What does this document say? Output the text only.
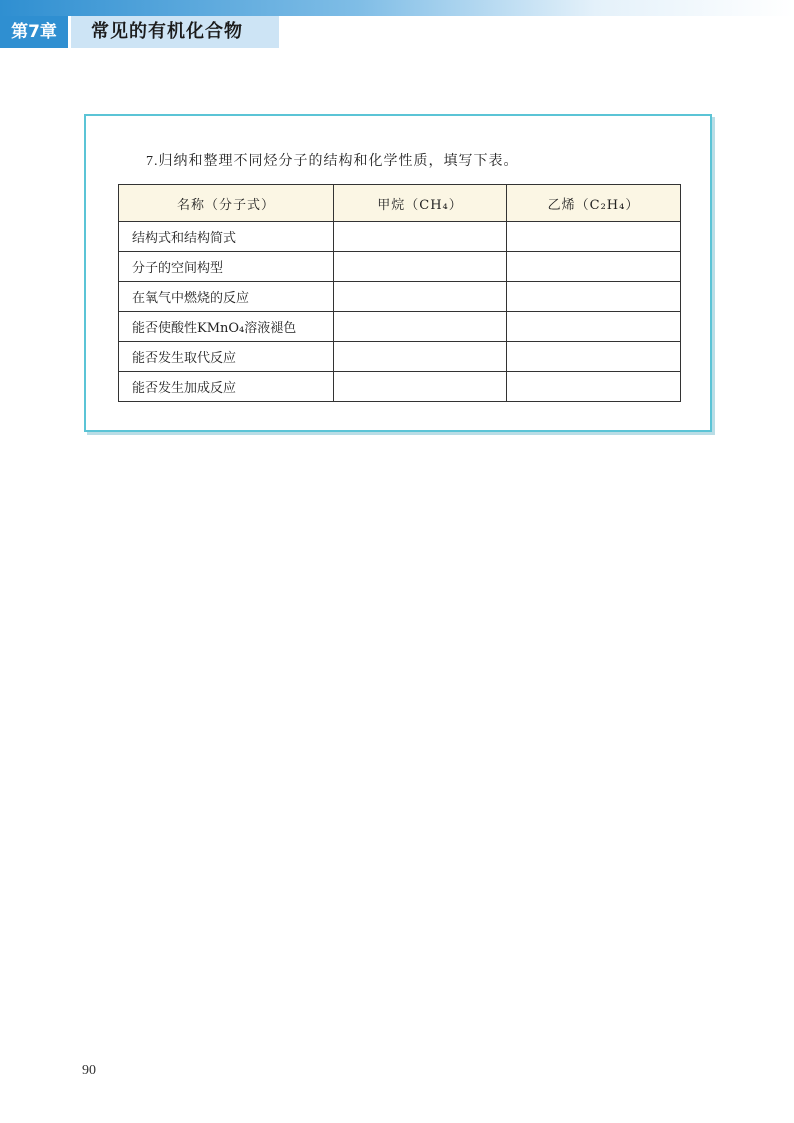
第7章	常见的有机化合物
7.归纳和整理不同烃分子的结构和化学性质，填写下表。
名称（分子式）	甲烷（CH₄）	乙烯（C₂H₄）
结构式和结构简式		
分子的空间构型		
在氧气中燃烧的反应		
能否使酸性KMnO₄溶液褪色		
能否发生取代反应		
能否发生加成反应		
90
